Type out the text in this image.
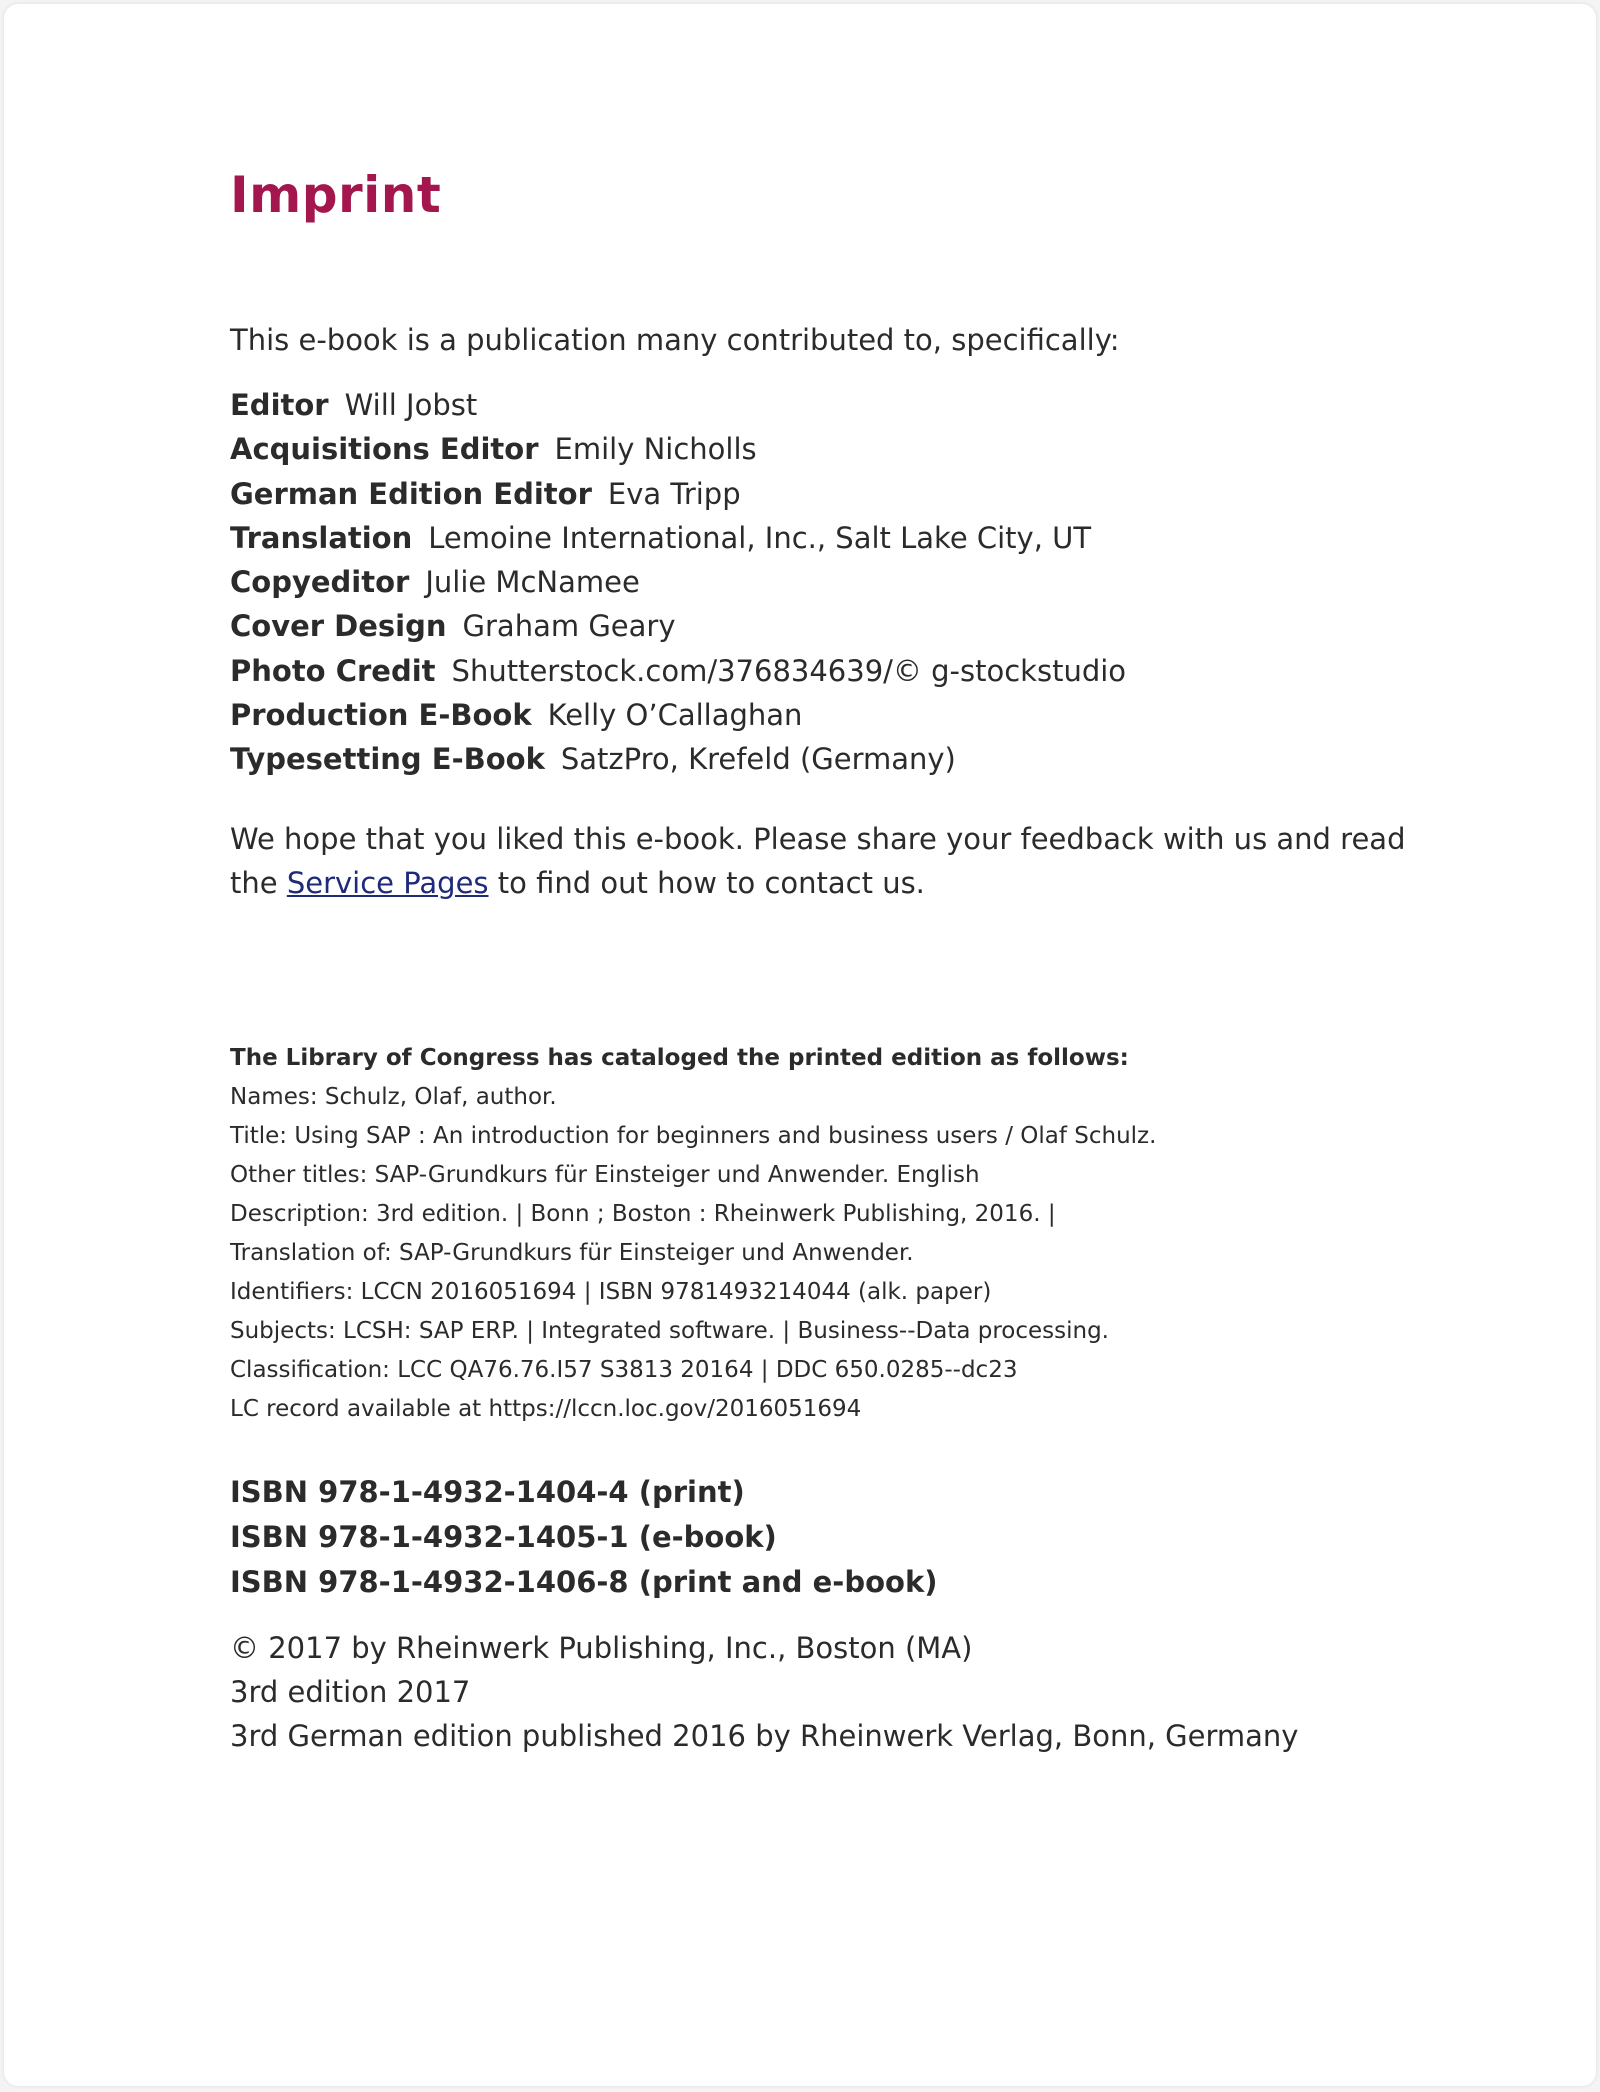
Imprint
This e-book is a publication many contributed to, specifically:
Editor Will Jobst
Acquisitions Editor Emily Nicholls
German Edition Editor Eva Tripp
Translation Lemoine International, Inc., Salt Lake City, UT
Copyeditor Julie McNamee
Cover Design Graham Geary
Photo Credit Shutterstock.com/376834639/© g-stockstudio
Production E-Book Kelly O’Callaghan
Typesetting E-Book SatzPro, Krefeld (Germany)
We hope that you liked this e-book. Please share your feedback with us and read the Service Pages to find out how to contact us.
The Library of Congress has cataloged the printed edition as follows:
Names: Schulz, Olaf, author.
Title: Using SAP : An introduction for beginners and business users / Olaf Schulz.
Other titles: SAP-Grundkurs für Einsteiger und Anwender. English
Description: 3rd edition. | Bonn ; Boston : Rheinwerk Publishing, 2016. |
Translation of: SAP-Grundkurs für Einsteiger und Anwender.
Identifiers: LCCN 2016051694 | ISBN 9781493214044 (alk. paper)
Subjects: LCSH: SAP ERP. | Integrated software. | Business--Data processing.
Classification: LCC QA76.76.I57 S3813 20164 | DDC 650.0285--dc23
LC record available at https://lccn.loc.gov/2016051694
ISBN 978-1-4932-1404-4 (print)
ISBN 978-1-4932-1405-1 (e-book)
ISBN 978-1-4932-1406-8 (print and e-book)
© 2017 by Rheinwerk Publishing, Inc., Boston (MA)
3rd edition 2017
3rd German edition published 2016 by Rheinwerk Verlag, Bonn, Germany
